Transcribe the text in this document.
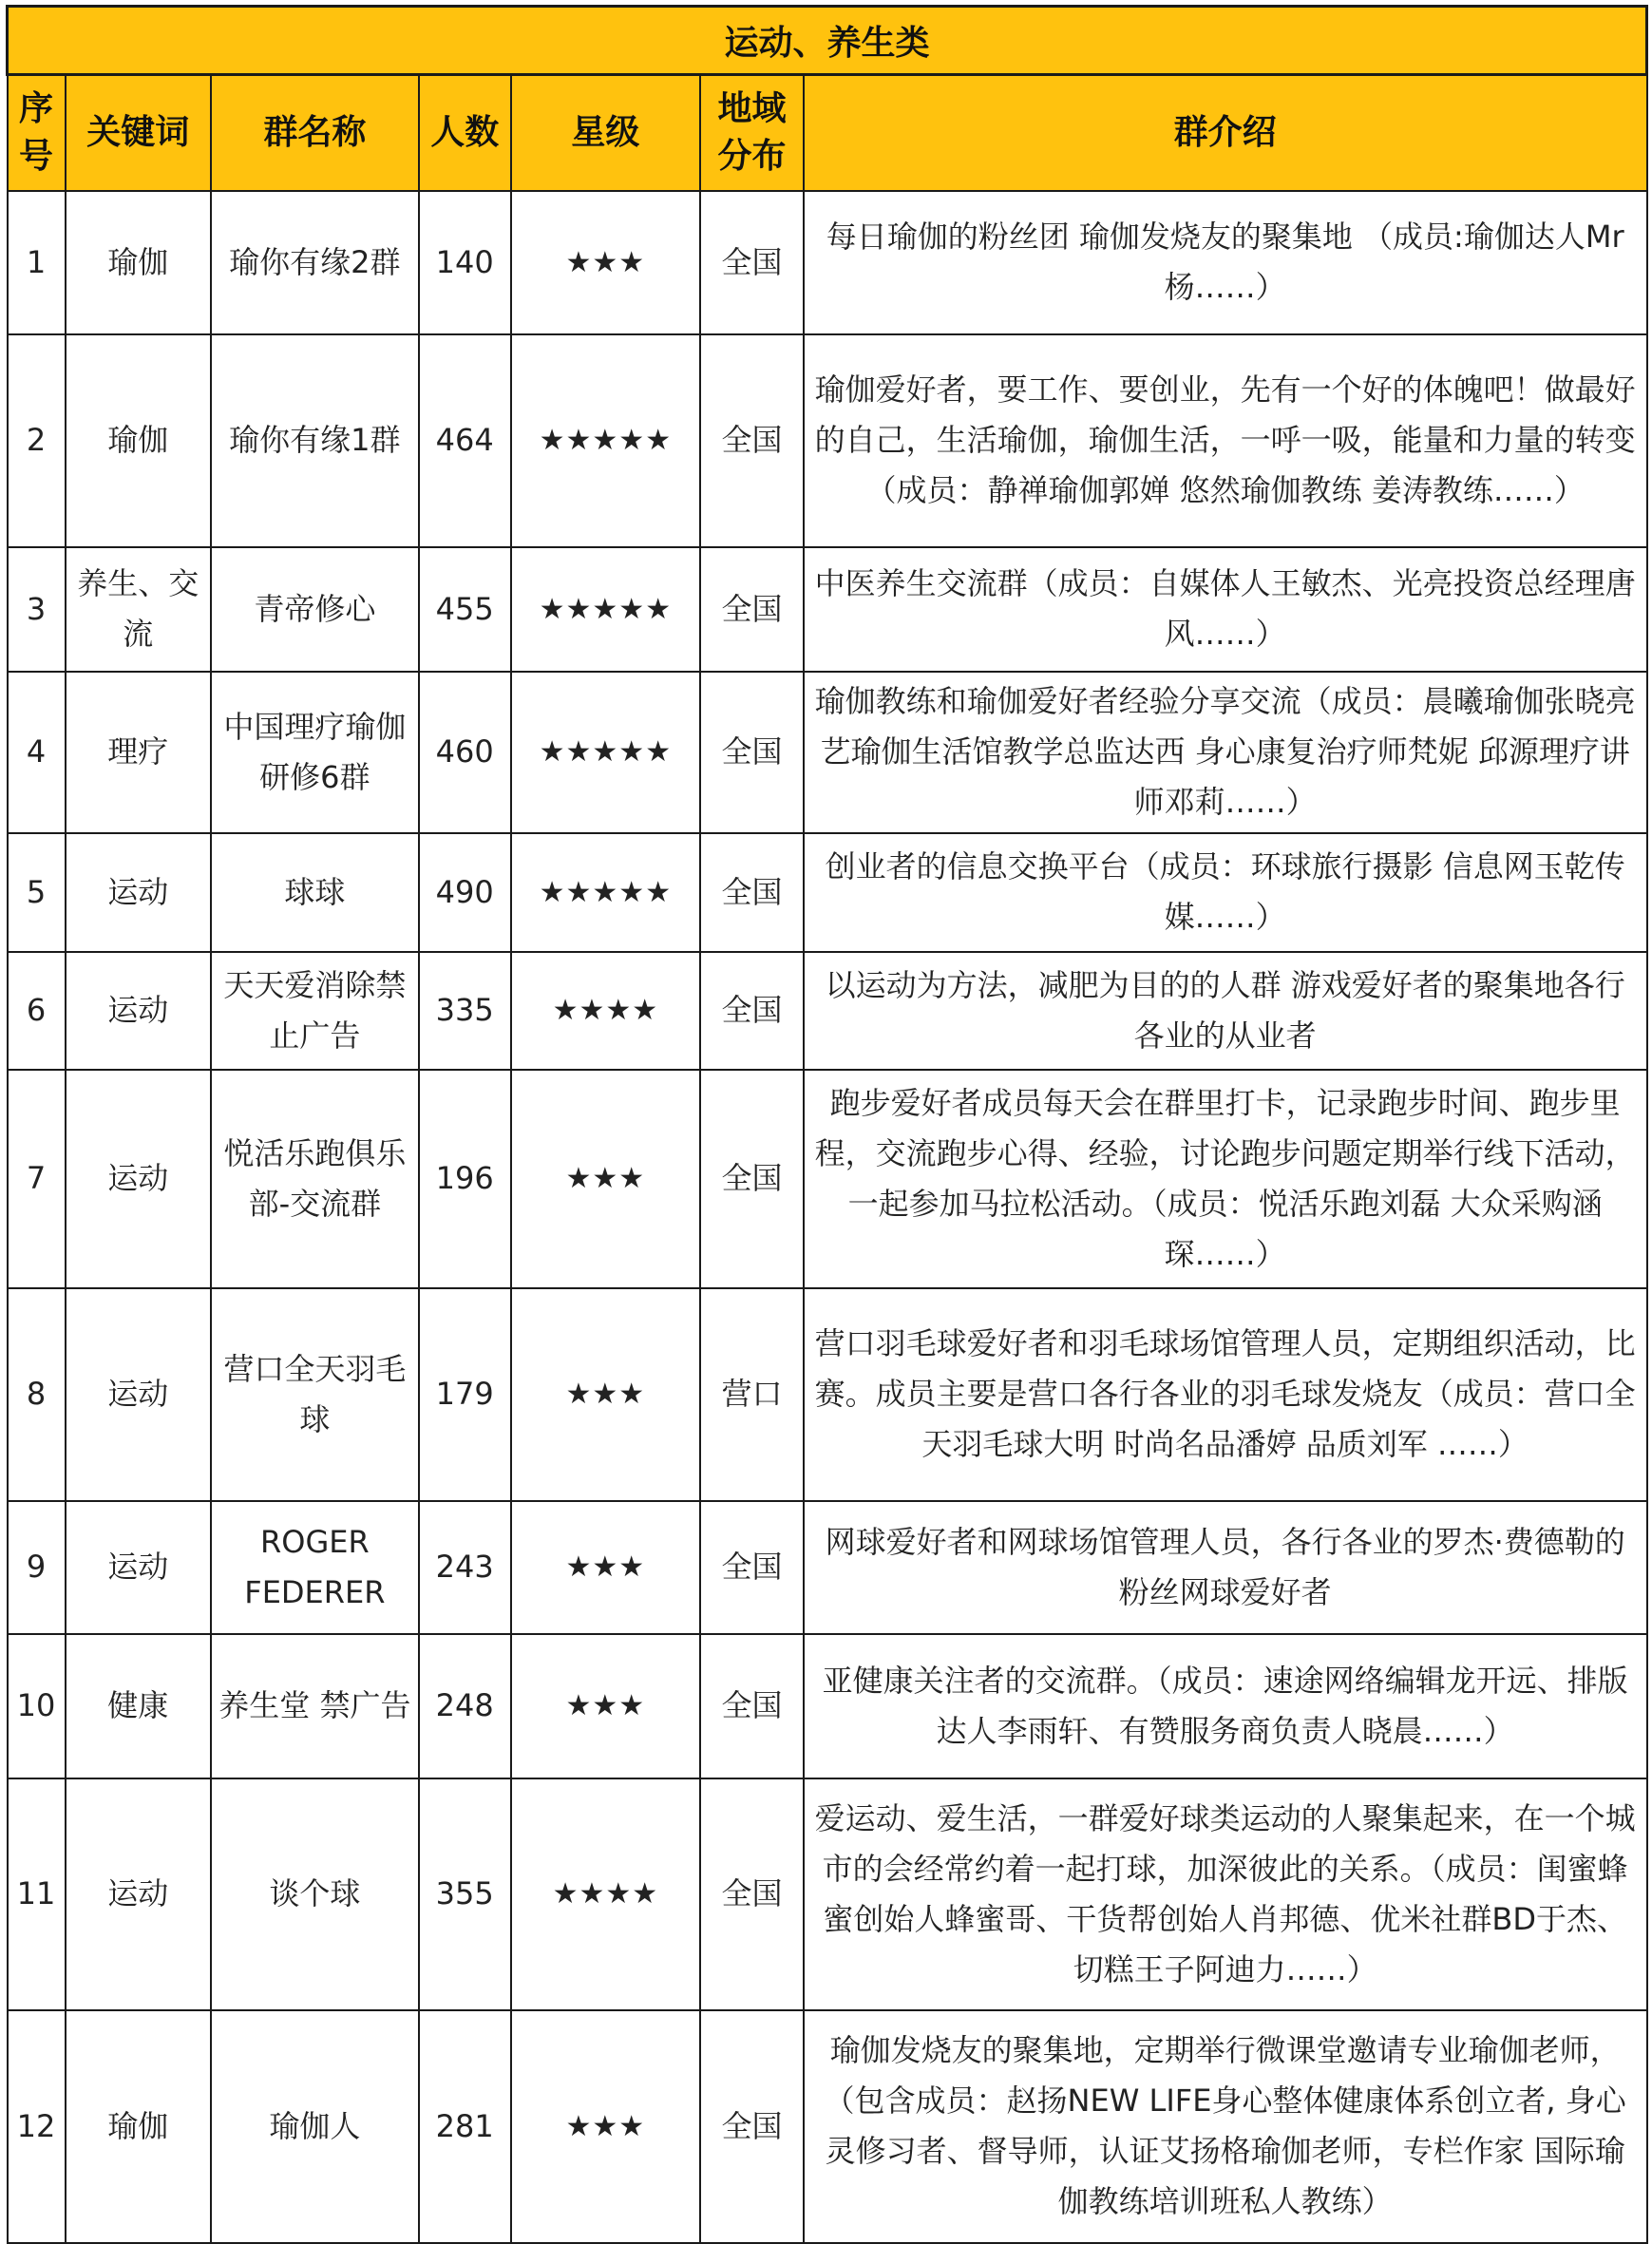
运动、养生类						
序号	关键词	群名称	人数	星级	地域分布	群介绍
1	瑜伽	瑜你有缘2群	140	★★★	全国	每日瑜伽的粉丝团 瑜伽发烧友的聚集地 （成员:瑜伽达人Mr杨……）
2	瑜伽	瑜你有缘1群	464	★★★★★	全国	瑜伽爱好者，要工作、要创业，先有一个好的体魄吧！做最好的自己，生活瑜伽，瑜伽生活，一呼一吸，能量和力量的转变（成员：静禅瑜伽郭婵 悠然瑜伽教练 姜涛教练……）
3	养生、交流	青帝修心	455	★★★★★	全国	中医养生交流群（成员：自媒体人王敏杰、光亮投资总经理唐风……）
4	理疗	中国理疗瑜伽研修6群	460	★★★★★	全国	瑜伽教练和瑜伽爱好者经验分享交流（成员：晨曦瑜伽张晓亮 艺瑜伽生活馆教学总监达西 身心康复治疗师梵妮 邱源理疗讲师邓莉……）
5	运动	球球	490	★★★★★	全国	创业者的信息交换平台（成员：环球旅行摄影 信息网玉乾传媒……）
6	运动	天天爱消除禁止广告	335	★★★★	全国	以运动为方法，减肥为目的的人群 游戏爱好者的聚集地各行各业的从业者
7	运动	悦活乐跑俱乐部-交流群	196	★★★	全国	跑步爱好者成员每天会在群里打卡，记录跑步时间、跑步里程，交流跑步心得、经验，讨论跑步问题定期举行线下活动，一起参加马拉松活动。（成员：悦活乐跑刘磊 大众采购涵琛……）
8	运动	营口全天羽毛球	179	★★★	营口	营口羽毛球爱好者和羽毛球场馆管理人员，定期组织活动，比赛。成员主要是营口各行各业的羽毛球发烧友（成员：营口全天羽毛球大明 时尚名品潘婷 品质刘军 ……）
9	运动	ROGER FEDERER	243	★★★	全国	网球爱好者和网球场馆管理人员，各行各业的罗杰·费德勒的粉丝网球爱好者
10	健康	养生堂 禁广告	248	★★★	全国	亚健康关注者的交流群。（成员：速途网络编辑龙开远、排版达人李雨轩、有赞服务商负责人晓晨……）
11	运动	谈个球	355	★★★★	全国	爱运动、爱生活，一群爱好球类运动的人聚集起来，在一个城市的会经常约着一起打球，加深彼此的关系。（成员：闺蜜蜂蜜创始人蜂蜜哥、干货帮创始人肖邦德、优米社群BD于杰、切糕王子阿迪力……）
12	瑜伽	瑜伽人	281	★★★	全国	瑜伽发烧友的聚集地，定期举行微课堂邀请专业瑜伽老师，（包含成员：赵扬NEW LIFE身心整体健康体系创立者, 身心灵修习者、督导师，认证艾扬格瑜伽老师，专栏作家 国际瑜伽教练培训班私人教练）
